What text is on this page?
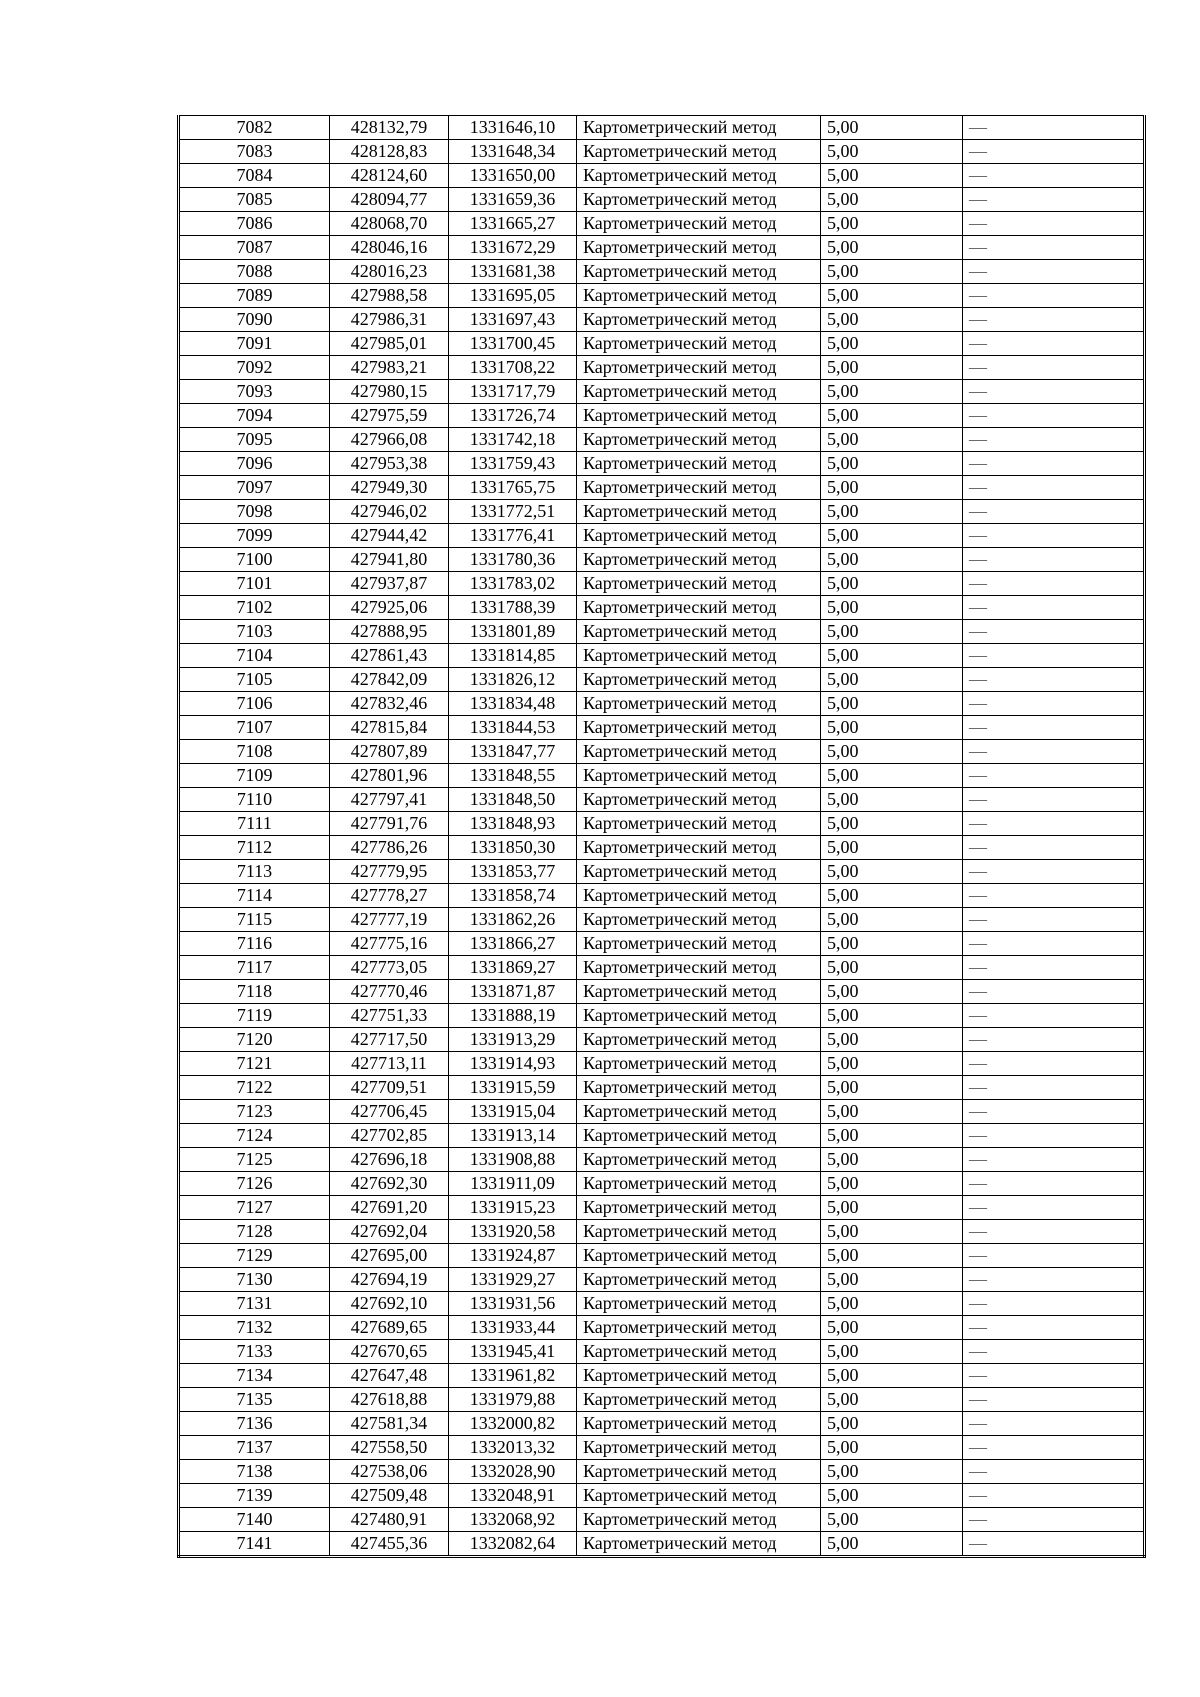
7082	428132,79	1331646,10	Картометрический метод	5,00	—
7083	428128,83	1331648,34	Картометрический метод	5,00	—
7084	428124,60	1331650,00	Картометрический метод	5,00	—
7085	428094,77	1331659,36	Картометрический метод	5,00	—
7086	428068,70	1331665,27	Картометрический метод	5,00	—
7087	428046,16	1331672,29	Картометрический метод	5,00	—
7088	428016,23	1331681,38	Картометрический метод	5,00	—
7089	427988,58	1331695,05	Картометрический метод	5,00	—
7090	427986,31	1331697,43	Картометрический метод	5,00	—
7091	427985,01	1331700,45	Картометрический метод	5,00	—
7092	427983,21	1331708,22	Картометрический метод	5,00	—
7093	427980,15	1331717,79	Картометрический метод	5,00	—
7094	427975,59	1331726,74	Картометрический метод	5,00	—
7095	427966,08	1331742,18	Картометрический метод	5,00	—
7096	427953,38	1331759,43	Картометрический метод	5,00	—
7097	427949,30	1331765,75	Картометрический метод	5,00	—
7098	427946,02	1331772,51	Картометрический метод	5,00	—
7099	427944,42	1331776,41	Картометрический метод	5,00	—
7100	427941,80	1331780,36	Картометрический метод	5,00	—
7101	427937,87	1331783,02	Картометрический метод	5,00	—
7102	427925,06	1331788,39	Картометрический метод	5,00	—
7103	427888,95	1331801,89	Картометрический метод	5,00	—
7104	427861,43	1331814,85	Картометрический метод	5,00	—
7105	427842,09	1331826,12	Картометрический метод	5,00	—
7106	427832,46	1331834,48	Картометрический метод	5,00	—
7107	427815,84	1331844,53	Картометрический метод	5,00	—
7108	427807,89	1331847,77	Картометрический метод	5,00	—
7109	427801,96	1331848,55	Картометрический метод	5,00	—
7110	427797,41	1331848,50	Картометрический метод	5,00	—
7111	427791,76	1331848,93	Картометрический метод	5,00	—
7112	427786,26	1331850,30	Картометрический метод	5,00	—
7113	427779,95	1331853,77	Картометрический метод	5,00	—
7114	427778,27	1331858,74	Картометрический метод	5,00	—
7115	427777,19	1331862,26	Картометрический метод	5,00	—
7116	427775,16	1331866,27	Картометрический метод	5,00	—
7117	427773,05	1331869,27	Картометрический метод	5,00	—
7118	427770,46	1331871,87	Картометрический метод	5,00	—
7119	427751,33	1331888,19	Картометрический метод	5,00	—
7120	427717,50	1331913,29	Картометрический метод	5,00	—
7121	427713,11	1331914,93	Картометрический метод	5,00	—
7122	427709,51	1331915,59	Картометрический метод	5,00	—
7123	427706,45	1331915,04	Картометрический метод	5,00	—
7124	427702,85	1331913,14	Картометрический метод	5,00	—
7125	427696,18	1331908,88	Картометрический метод	5,00	—
7126	427692,30	1331911,09	Картометрический метод	5,00	—
7127	427691,20	1331915,23	Картометрический метод	5,00	—
7128	427692,04	1331920,58	Картометрический метод	5,00	—
7129	427695,00	1331924,87	Картометрический метод	5,00	—
7130	427694,19	1331929,27	Картометрический метод	5,00	—
7131	427692,10	1331931,56	Картометрический метод	5,00	—
7132	427689,65	1331933,44	Картометрический метод	5,00	—
7133	427670,65	1331945,41	Картометрический метод	5,00	—
7134	427647,48	1331961,82	Картометрический метод	5,00	—
7135	427618,88	1331979,88	Картометрический метод	5,00	—
7136	427581,34	1332000,82	Картометрический метод	5,00	—
7137	427558,50	1332013,32	Картометрический метод	5,00	—
7138	427538,06	1332028,90	Картометрический метод	5,00	—
7139	427509,48	1332048,91	Картометрический метод	5,00	—
7140	427480,91	1332068,92	Картометрический метод	5,00	—
7141	427455,36	1332082,64	Картометрический метод	5,00	—
